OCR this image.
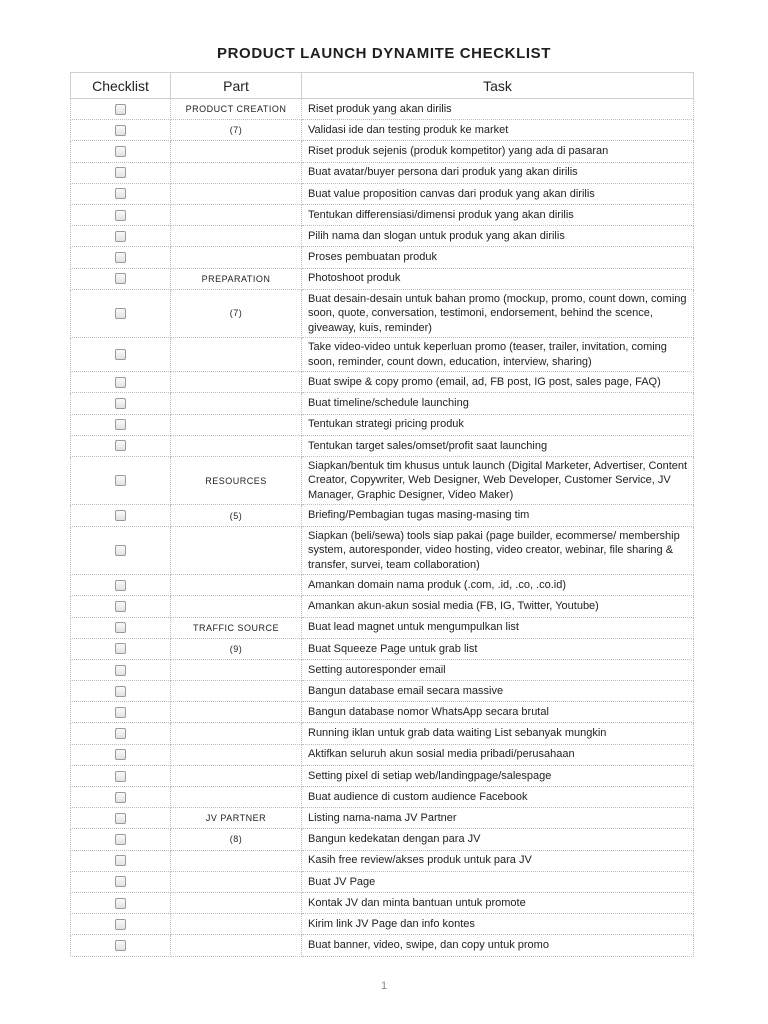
PRODUCT LAUNCH DYNAMITE CHECKLIST
Checklist	Part	Task
	PRODUCT CREATION	Riset produk yang akan dirilis
	(7)	Validasi ide dan testing produk ke market
		Riset produk sejenis (produk kompetitor) yang ada di pasaran
		Buat avatar/buyer persona dari produk yang akan dirilis
		Buat value proposition canvas dari produk yang akan dirilis
		Tentukan differensiasi/dimensi produk yang akan dirilis
		Pilih nama dan slogan untuk produk yang akan dirilis
		Proses pembuatan produk
	PREPARATION	Photoshoot produk
	(7)	Buat desain-desain untuk bahan promo (mockup, promo, count down, coming soon, quote, conversation, testimoni, endorsement, behind the scence, giveaway, kuis, reminder)
		Take video-video untuk keperluan promo (teaser, trailer, invitation, coming soon, reminder, count down, education, interview, sharing)
		Buat swipe & copy promo (email, ad, FB post, IG post, sales page, FAQ)
		Buat timeline/schedule launching
		Tentukan strategi pricing produk
		Tentukan target sales/omset/profit saat launching
	RESOURCES	Siapkan/bentuk tim khusus untuk launch (Digital Marketer, Advertiser, Content Creator, Copywriter, Web Designer, Web Developer, Customer Service, JV Manager, Graphic Designer, Video Maker)
	(5)	Briefing/Pembagian tugas masing-masing tim
		Siapkan (beli/sewa) tools siap pakai (page builder, ecommerse/ membership system, autoresponder, video hosting, video creator, webinar, file sharing & transfer, survei, team collaboration)
		Amankan domain nama produk (.com, .id, .co, .co.id)
		Amankan akun-akun sosial media (FB, IG, Twitter, Youtube)
	TRAFFIC SOURCE	Buat lead magnet untuk mengumpulkan list
	(9)	Buat Squeeze Page untuk grab list
		Setting autoresponder email
		Bangun database email secara massive
		Bangun database nomor WhatsApp secara brutal
		Running iklan untuk grab data waiting List sebanyak mungkin
		Aktifkan seluruh akun sosial media pribadi/perusahaan
		Setting pixel di setiap web/landingpage/salespage
		Buat audience di custom audience Facebook
	JV PARTNER	Listing nama-nama JV Partner
	(8)	Bangun kedekatan dengan para JV
		Kasih free review/akses produk untuk para JV
		Buat JV Page
		Kontak JV dan minta bantuan untuk promote
		Kirim link JV Page dan info kontes
		Buat banner, video, swipe, dan copy untuk promo
1
